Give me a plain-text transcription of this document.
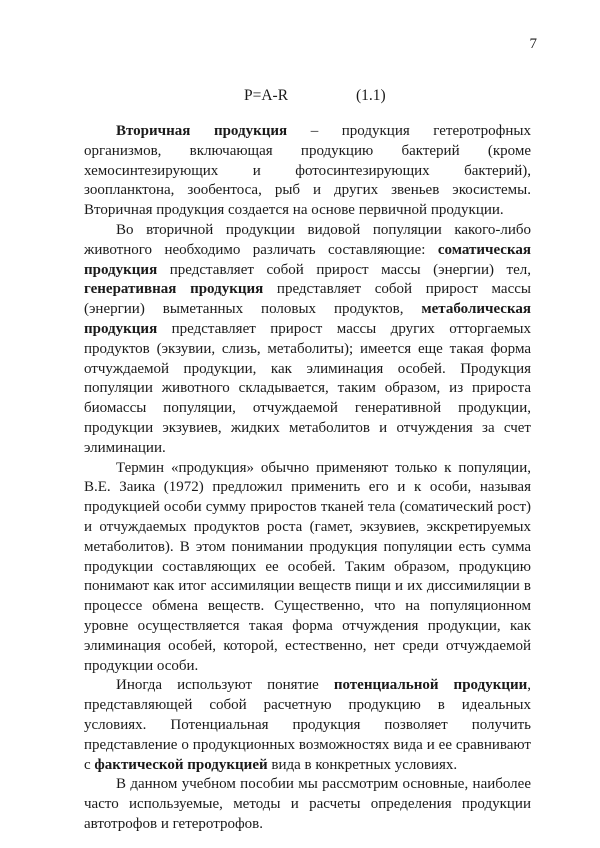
7
P=A-R	(1.1)

Вторичная продукция – продукция гетеротрофных организмов, включающая продукцию бактерий (кроме хемосинтезирующих и фотосинтезирующих бактерий), зоопланктона, зообентоса, рыб и других звеньев экосистемы. Вторичная продукция создается на основе первичной продукции.

Во вторичной продукции видовой популяции какого-либо животного необходимо различать составляющие: соматическая продукция представляет собой прирост массы (энергии) тел, генеративная продукция представляет собой прирост массы (энергии) выметанных половых продуктов, метаболическая продукция представляет прирост массы других отторгаемых продуктов (экзувии, слизь, метаболиты); имеется еще такая форма отчуждаемой продукции, как элиминация особей. Продукция популяции животного складывается, таким образом, из прироста биомассы популяции, отчуждаемой генеративной продукции, продукции экзувиев, жидких метаболитов и отчуждения за счет элиминации.

Термин «продукция» обычно применяют только к популяции, В.Е. Заика (1972) предложил применить его и к особи, называя продукцией особи сумму приростов тканей тела (соматический рост) и отчуждаемых продуктов роста (гамет, экзувиев, экскретируемых метаболитов). В этом понимании продукция популяции есть сумма продукции составляющих ее особей. Таким образом, продукцию понимают как итог ассимиляции веществ пищи и их диссимиляции в процессе обмена веществ. Существенно, что на популяционном уровне осуществляется такая форма отчуждения продукции, как элиминация особей, которой, естественно, нет среди отчуждаемой продукции особи.

Иногда используют понятие потенциальной продукции, представляющей собой расчетную продукцию в идеальных условиях. Потенциальная продукция позволяет получить представление о продукционных возможностях вида и ее сравнивают с фактической продукцией вида в конкретных условиях.

В данном учебном пособии мы рассмотрим основные, наиболее часто используемые, методы и расчеты определения продукции автотрофов и гетеротрофов.
